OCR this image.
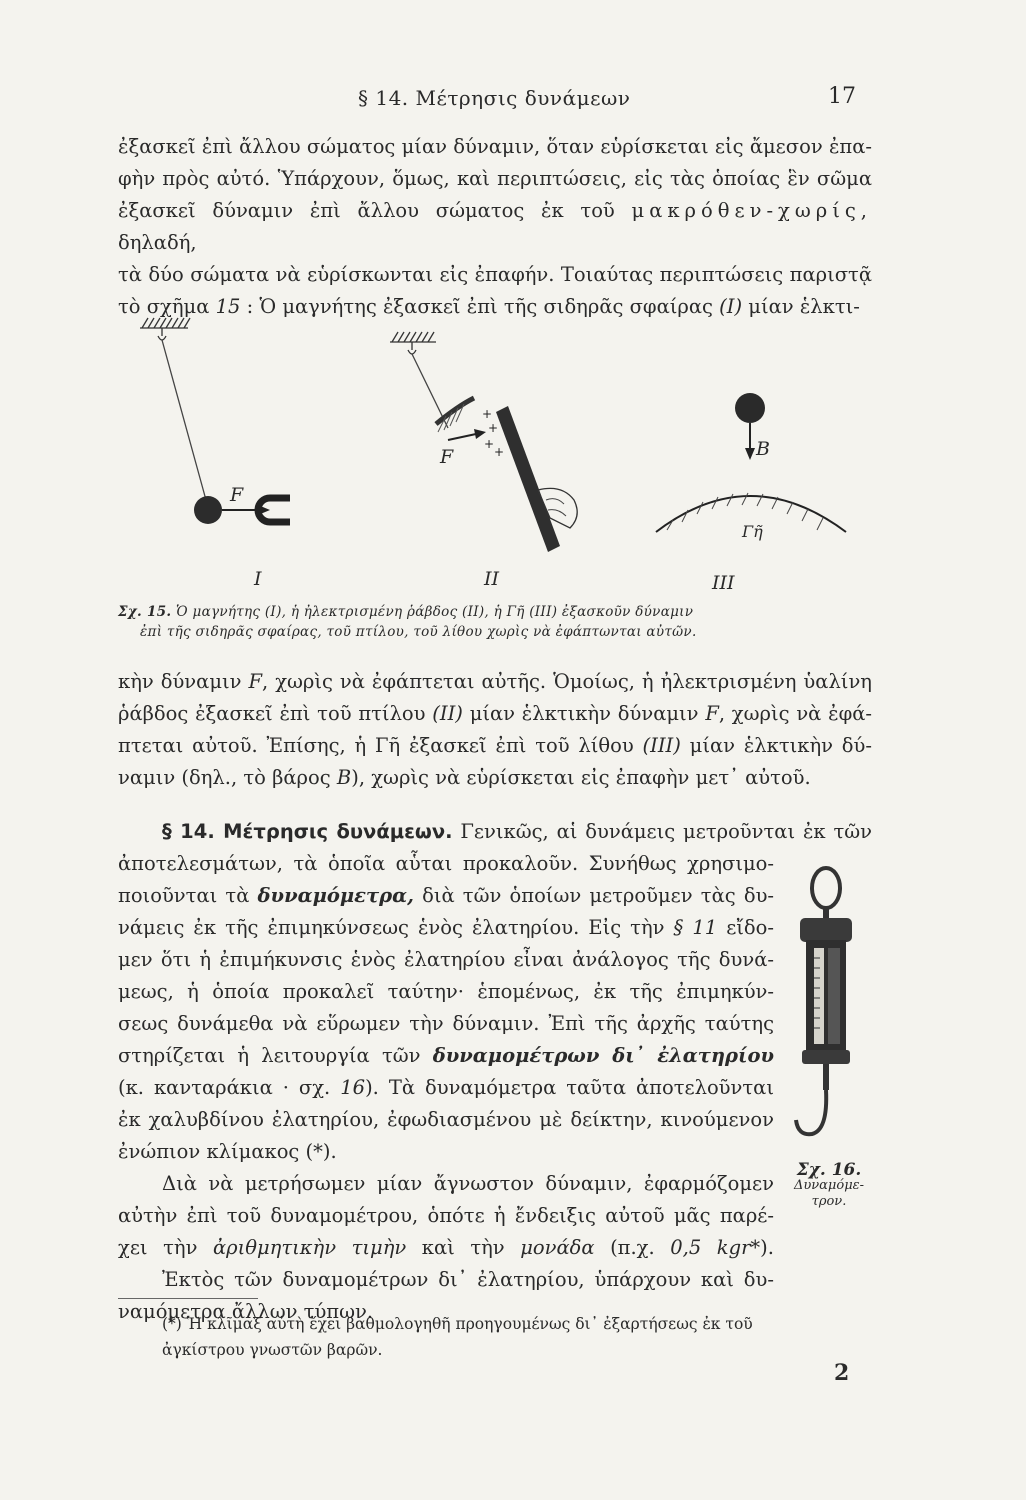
§ 14. Μέτρησις δυνάμεων	17

ἐξασκεῖ ἐπὶ ἄλλου σώματος μίαν δύναμιν, ὅταν εὑρίσκεται εἰς ἄμεσον ἐπα-

φὴν πρὸς αὐτό. Ὑπάρχουν, ὅμως, καὶ περιπτώσεις, εἰς τὰς ὁποίας ἓν σῶμα

ἐξασκεῖ δύναμιν ἐπὶ ἄλλου σώματος ἐκ τοῦ μακρόθεν-χωρίς, δηλαδή,

τὰ δύο σώματα νὰ εὑρίσκωνται εἰς ἐπαφήν. Τοιαύτας περιπτώσεις παριστᾷ

τὸ σχῆμα 15 : Ὁ μαγνήτης ἐξασκεῖ ἐπὶ τῆς σιδηρᾶς σφαίρας (I) μίαν ἑλκτι-

+
+
+
+
F
F	B
Γῆ
I	II	III
Σχ. 15. Ὁ μαγνήτης (I), ἡ ἠλεκτρισμένη ῥάβδος (II), ἡ Γῆ (III) ἐξασκοῦν δύναμιν
ἐπὶ τῆς σιδηρᾶς σφαίρας, τοῦ πτίλου, τοῦ λίθου χωρὶς νὰ ἐφάπτωνται αὐτῶν.

κὴν δύναμιν F, χωρὶς νὰ ἐφάπτεται αὐτῆς. Ὁμοίως, ἡ ἠλεκτρισμένη ὑαλίνη

ῥάβδος ἐξασκεῖ ἐπὶ τοῦ πτίλου (II) μίαν ἑλκτικὴν δύναμιν F, χωρὶς νὰ ἐφά-

πτεται αὐτοῦ. Ἐπίσης, ἡ Γῆ ἐξασκεῖ ἐπὶ τοῦ λίθου (III) μίαν ἑλκτικὴν δύ-

ναμιν (δηλ., τὸ βάρος B), χωρὶς νὰ εὑρίσκεται εἰς ἐπαφὴν μετ᾿ αὐτοῦ.

§ 14. Μέτρησις δυνάμεων. Γενικῶς, αἱ δυνάμεις μετροῦνται ἐκ τῶν

ἀποτελεσμάτων, τὰ ὁποῖα αὗται προκαλοῦν. Συνήθως χρησιμο-

ποιοῦνται τὰ δυναμόμετρα, διὰ τῶν ὁποίων μετροῦμεν τὰς δυ-

νάμεις ἐκ τῆς ἐπιμηκύνσεως ἑνὸς ἐλατηρίου. Εἰς τὴν § 11 εἴδο-

μεν ὅτι ἡ ἐπιμήκυνσις ἑνὸς ἐλατηρίου εἶναι ἀνάλογος τῆς δυνά-

μεως, ἡ ὁποία προκαλεῖ ταύτην· ἑπομένως, ἐκ τῆς ἐπιμηκύν-

σεως δυνάμεθα νὰ εὕρωμεν τὴν δύναμιν. Ἐπὶ τῆς ἀρχῆς ταύτης

στηρίζεται ἡ λειτουργία τῶν δυναμομέτρων δι᾿ ἐλατηρίου

(κ. κανταράκια · σχ. 16). Τὰ δυναμόμετρα ταῦτα ἀποτελοῦνται

ἐκ χαλυβδίνου ἐλατηρίου, ἐφωδιασμένου μὲ δείκτην, κινούμενον

ἐνώπιον κλίμακος (*).

Διὰ νὰ μετρήσωμεν μίαν ἄγνωστον δύναμιν, ἐφαρμόζομεν

αὐτὴν ἐπὶ τοῦ δυναμομέτρου, ὁπότε ἡ ἔνδειξις αὐτοῦ μᾶς παρέ-

χει τὴν ἀριθμητικὴν τιμὴν καὶ τὴν μονάδα (π.χ. 0,5 kgr*).

Ἐκτὸς τῶν δυναμομέτρων δι᾿ ἐλατηρίου, ὑπάρχουν καὶ δυ-

ναμόμετρα ἄλλων τύπων.

Σχ. 16.
Δυναμόμε-
τρον.

(*) Ἡ κλῖμαξ αὐτὴ ἔχει βαθμολογηθῆ προηγουμένως δι᾿ ἐξαρτήσεως ἐκ τοῦ

ἀγκίστρου γνωστῶν βαρῶν.

2
